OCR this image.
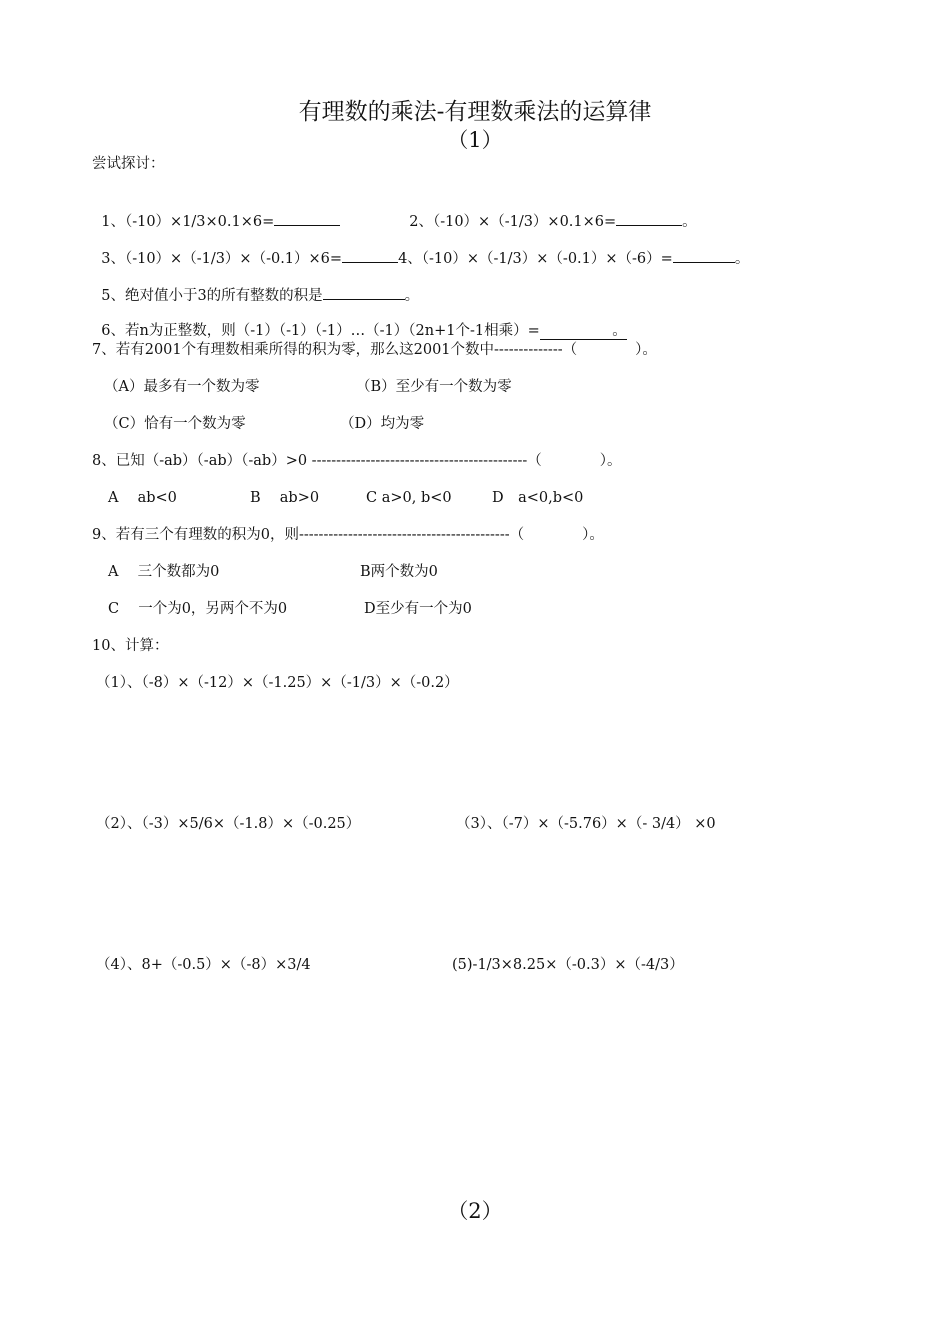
有理数的乘法-有理数乘法的运算律
（1）
尝试探讨：

1、（-10）×1/3×0.1×6=	2、（-10）×（-1/3）×0.1×6=	。

3、（-10）×（-1/3）×（-0.1）×6=	4、（-10）×（-1/3）×（-0.1）×（-6）=	。

5、绝对值小于3的所有整数的积是	。

6、若n为正整数，则（-1）（-1）（-1）…（-1）（2n+1个-1相乘）=　　　　　。

7、若有2001个有理数相乘所得的积为零，那么这2001个数中--------------（　　　　）。
（A）最多有一个数为零	（B）至少有一个数为零
（C）恰有一个数为零	（D）均为零
8、已知（-ab）（-ab）（-ab）>0 --------------------------------------------（　　　　）。
A　 ab<0	B　 ab>0	C a>0, b<0	D　a<0,b<0
9、若有三个有理数的积为0，则-------------------------------------------（　　　　）。
A　 三个数都为0	B两个数为0
C　 一个为0，另两个不为0	D至少有一个为0
10、计算：
（1）、（-8）×（-12）×（-1.25）×（-1/3）×（-0.2）
（2）、（-3）×5/6×（-1.8）×（-0.25）	（3）、（-7）×（-5.76）×（- 3/4） ×0
（4）、8+（-0.5）×（-8）×3/4	(5)-1/3×8.25×（-0.3）×（-4/3）
（2）
